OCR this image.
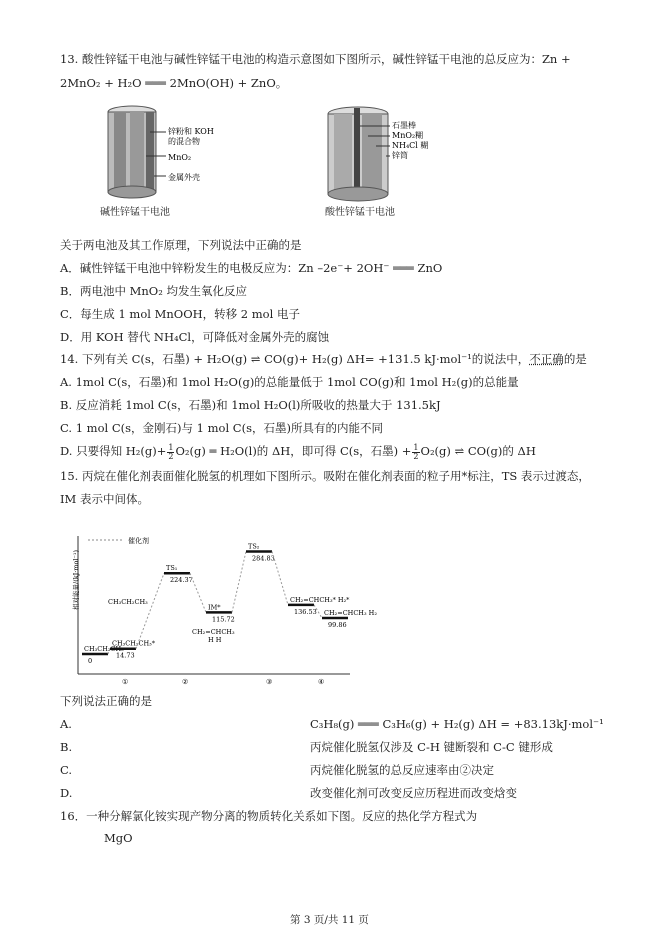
13. 酸性锌锰干电池与碱性锌锰干电池的构造示意图如下图所示，碱性锌锰干电池的总反应为：Zn +
2MnO₂ + H₂O ═══ 2MnO(OH) + ZnO。
锌粉和 KOH
的混合物
MnO₂
金属外壳
石墨棒
MnO₂糊
NH₄Cl 糊
锌筒
碱性锌锰干电池	酸性锌锰干电池
关于两电池及其工作原理，下列说法中正确的是
A．碱性锌锰干电池中锌粉发生的电极反应为：Zn –2e⁻+ 2OH⁻ ═══ ZnO
B．两电池中 MnO₂ 均发生氧化反应
C．每生成 1 mol MnOOH，转移 2 mol 电子
D．用 KOH 替代 NH₄Cl，可降低对金属外壳的腐蚀
14. 下列有关 C(s，石墨) + H₂O(g) ⇌ CO(g)+ H₂(g) ΔH= +131.5 kJ·mol⁻¹的说法中，不正确的是
A. 1mol C(s，石墨)和 1mol H₂O(g)的总能量低于 1mol CO(g)和 1mol H₂(g)的总能量
B. 反应消耗 1mol C(s，石墨)和 1mol H₂O(l)所吸收的热量大于 131.5kJ
C. 1 mol C(s，金刚石)与 1 mol C(s，石墨)所具有的内能不同
D. 只要得知 $H_2(g)+ \frac{1}{2} O_2(g)$ ═ H₂O(l)的 ΔH，即可得 C(s，石墨) + $\frac{1}{2} O_2(g)$ ⇌ CO(g)的 ΔH
15. 丙烷在催化剂表面催化脱氢的机理如下图所示。吸附在催化剂表面的粒子用*标注，TS 表示过渡态，
IM 表示中间体。
相对能量/(kJ·mol⁻¹)
催化剂
CH₃CH₂CH₃
0
CH₃CH₂CH₃*
14.73
TS₁
224.37
IM*
115.72
TS₂
284.83
CH₂=CHCH₃* H₂*
136.53 CH₂=CHCH₃ H₂
99.86
①	②	③	④
CH₃CH₂CH₃
CH₂=CHCH₃
H H
下列说法正确的是
A.	C₃H₈(g) ═══ C₃H₆(g) + H₂(g) ΔH = +83.13kJ·mol⁻¹
B.	丙烷催化脱氢仅涉及 C-H 键断裂和 C-C 键形成
C.	丙烷催化脱氢的总反应速率由②决定
D.	改变催化剂可改变反应历程进而改变焓变
16．一种分解氯化铵实现产物分离的物质转化关系如下图。反应的热化学方程式为
MgO
第 3 页/共 11 页
